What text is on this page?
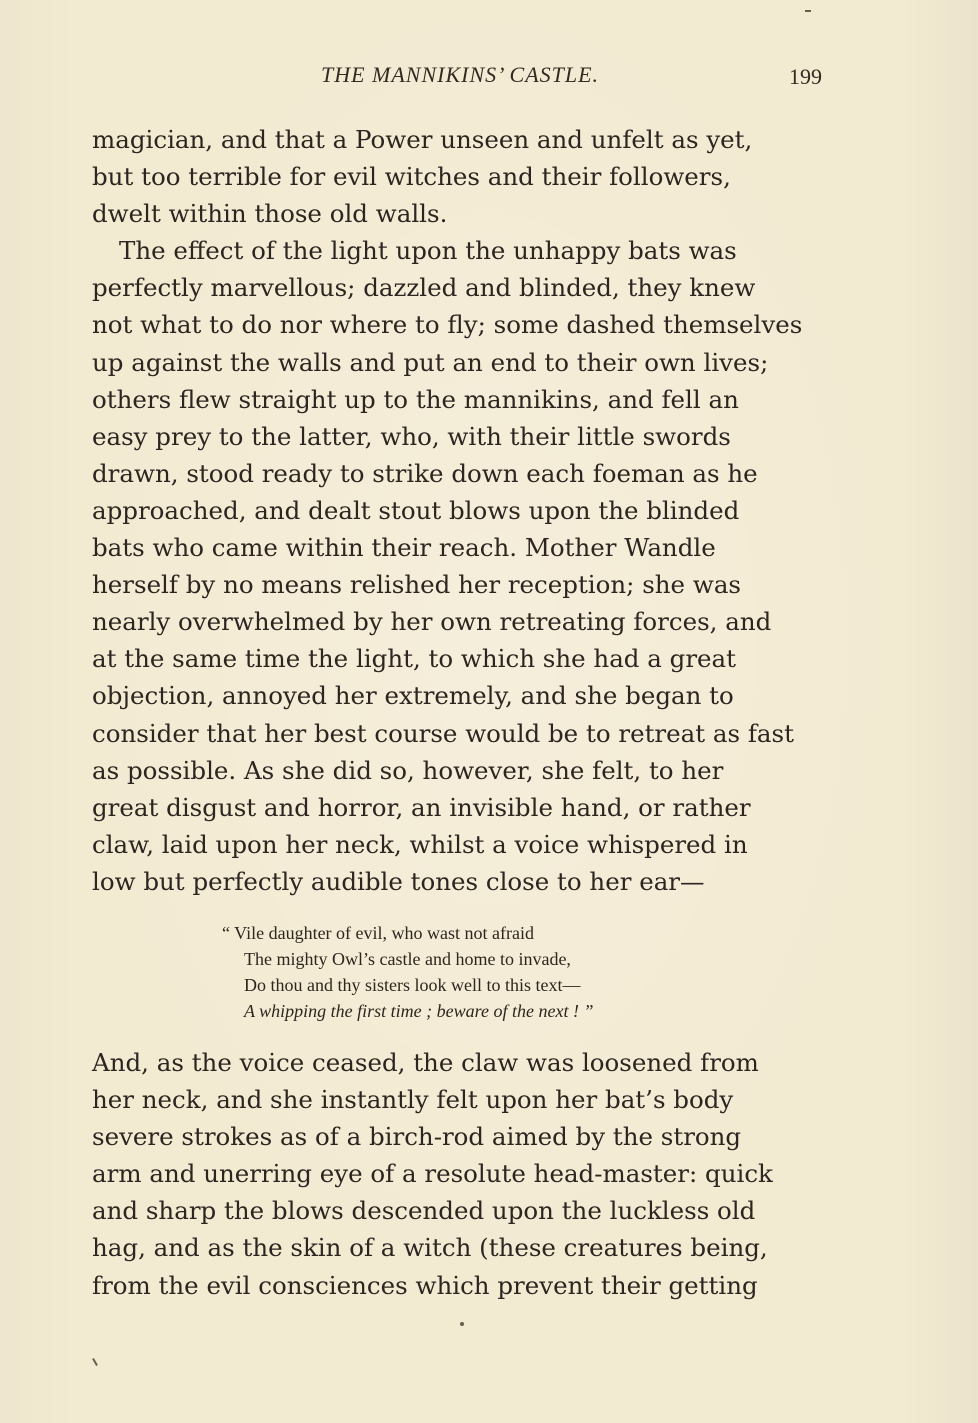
THE MANNIKINS’ CASTLE.	199

magician, and that a Power unseen and unfelt as yet,

but too terrible for evil witches and their followers,

dwelt within those old walls.

The effect of the light upon the unhappy bats was

perfectly marvellous; dazzled and blinded, they knew

not what to do nor where to fly; some dashed themselves

up against the walls and put an end to their own lives;

others flew straight up to the mannikins, and fell an

easy prey to the latter, who, with their little swords

drawn, stood ready to strike down each foeman as he

approached, and dealt stout blows upon the blinded

bats who came within their reach. Mother Wandle

herself by no means relished her reception; she was

nearly overwhelmed by her own retreating forces, and

at the same time the light, to which she had a great

objection, annoyed her extremely, and she began to

consider that her best course would be to retreat as fast

as possible. As she did so, however, she felt, to her

great disgust and horror, an invisible hand, or rather

claw, laid upon her neck, whilst a voice whispered in

low but perfectly audible tones close to her ear—

“ Vile daughter of evil, who wast not afraid
The mighty Owl’s castle and home to invade,
Do thou and thy sisters look well to this text—
A whipping the first time ; beware of the next ! ”

And, as the voice ceased, the claw was loosened from

her neck, and she instantly felt upon her bat’s body

severe strokes as of a birch-rod aimed by the strong

arm and unerring eye of a resolute head-master: quick

and sharp the blows descended upon the luckless old

hag, and as the skin of a witch (these creatures being,

from the evil consciences which prevent their getting
